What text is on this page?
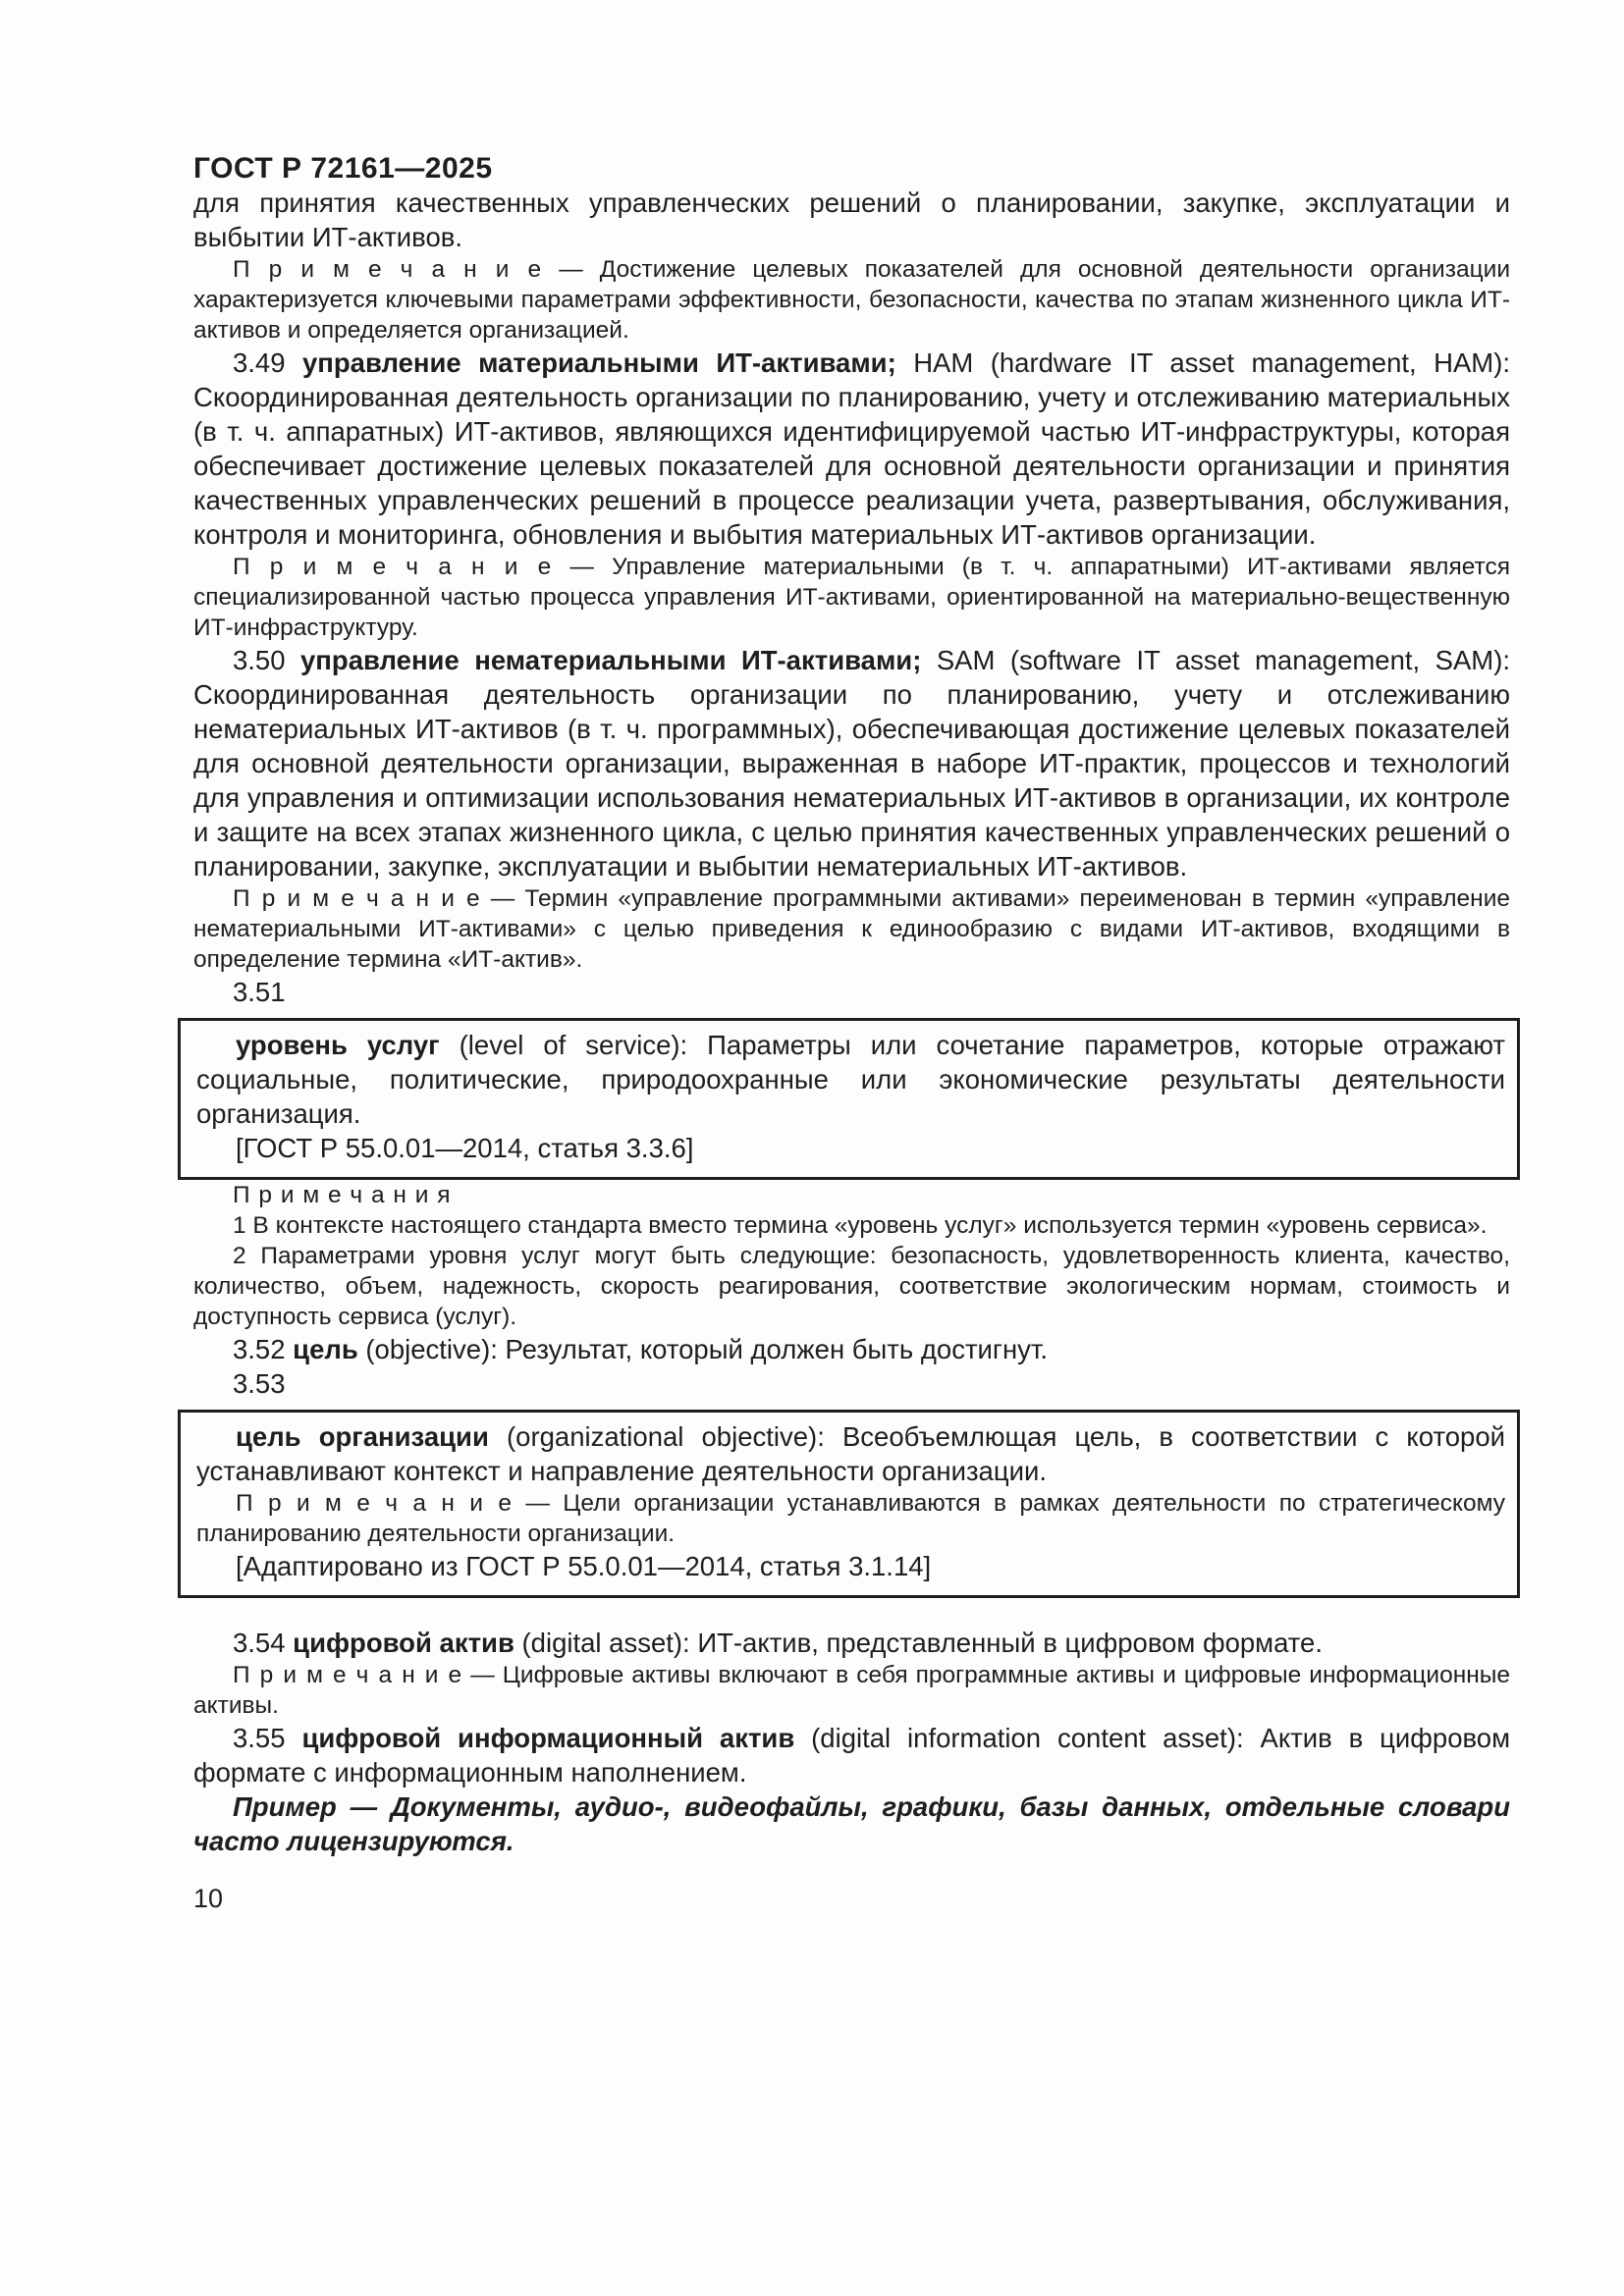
ГОСТ Р 72161—2025

для принятия качественных управленческих решений о планировании, закупке, эксплуатации и выбытии ИТ-активов.

П р и м е ч а н и е — Достижение целевых показателей для основной деятельности организации характеризуется ключевыми параметрами эффективности, безопасности, качества по этапам жизненного цикла ИТ-активов и определяется организацией.

3.49 управление материальными ИТ-активами; HAM (hardware IT asset management, HAM): Скоординированная деятельность организации по планированию, учету и отслеживанию материальных (в т. ч. аппаратных) ИТ-активов, являющихся идентифицируемой частью ИТ-инфраструктуры, которая обеспечивает достижение целевых показателей для основной деятельности организации и принятия качественных управленческих решений в процессе реализации учета, развертывания, обслуживания, контроля и мониторинга, обновления и выбытия материальных ИТ-активов организации.

П р и м е ч а н и е — Управление материальными (в т. ч. аппаратными) ИТ-активами является специализированной частью процесса управления ИТ-активами, ориентированной на материально-вещественную ИТ-инфраструктуру.

3.50 управление нематериальными ИТ-активами; SAM (software IT asset management, SAM): Скоординированная деятельность организации по планированию, учету и отслеживанию нематериальных ИТ-активов (в т. ч. программных), обеспечивающая достижение целевых показателей для основной деятельности организации, выраженная в наборе ИТ-практик, процессов и технологий для управления и оптимизации использования нематериальных ИТ-активов в организации, их контроле и защите на всех этапах жизненного цикла, с целью принятия качественных управленческих решений о планировании, закупке, эксплуатации и выбытии нематериальных ИТ-активов.

П р и м е ч а н и е — Термин «управление программными активами» переименован в термин «управление нематериальными ИТ-активами» с целью приведения к единообразию с видами ИТ-активов, входящими в определение термина «ИТ-актив».

3.51

уровень услуг (level of service): Параметры или сочетание параметров, которые отражают социальные, политические, природоохранные или экономические результаты деятельности организация.

[ГОСТ Р 55.0.01—2014, статья 3.3.6]

П р и м е ч а н и я

1 В контексте настоящего стандарта вместо термина «уровень услуг» используется термин «уровень сервиса».

2 Параметрами уровня услуг могут быть следующие: безопасность, удовлетворенность клиента, качество, количество, объем, надежность, скорость реагирования, соответствие экологическим нормам, стоимость и доступность сервиса (услуг).

3.52 цель (objective): Результат, который должен быть достигнут.

3.53

цель организации (organizational objective): Всеобъемлющая цель, в соответствии с которой устанавливают контекст и направление деятельности организации.

П р и м е ч а н и е — Цели организации устанавливаются в рамках деятельности по стратегическому планированию деятельности организации.

[Адаптировано из ГОСТ Р 55.0.01—2014, статья 3.1.14]

3.54 цифровой актив (digital asset): ИТ-актив, представленный в цифровом формате.

П р и м е ч а н и е — Цифровые активы включают в себя программные активы и цифровые информационные активы.

3.55 цифровой информационный актив (digital information content asset): Актив в цифровом формате с информационным наполнением.

Пример — Документы, аудио-, видеофайлы, графики, базы данных, отдельные словари часто лицензируются.

10
